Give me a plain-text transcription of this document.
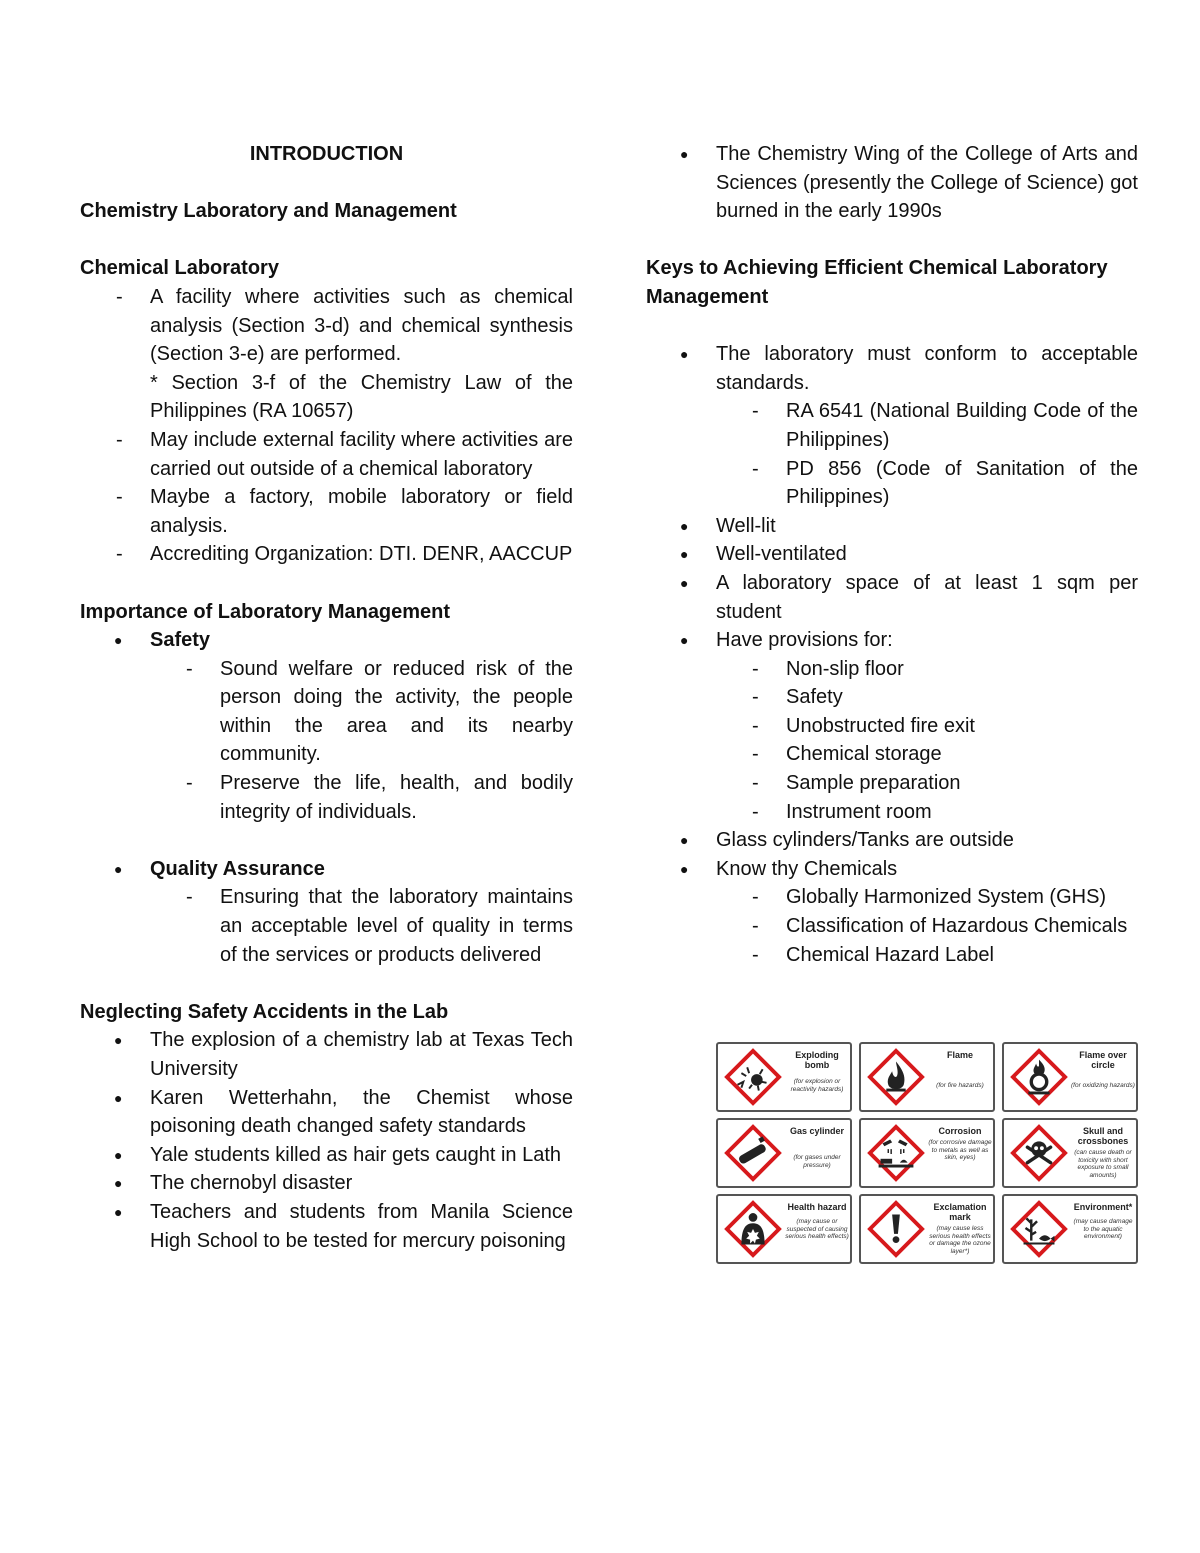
INTRODUCTION

Chemistry Laboratory and Management

Chemical Laboratory

- A facility where activities such as chemical analysis (Section 3-d) and chemical synthesis (Section 3-e) are performed.
* Section 3-f of the Chemistry Law of the Philippines (RA 10657)
- May include external facility where activities are carried out outside of a chemical laboratory
- Maybe a factory, mobile laboratory or field analysis.
- Accrediting Organization: DTI. DENR, AACCUP

Importance of Laboratory Management

● Safety
- Sound welfare or reduced risk of the person doing the activity, the people within the area and its nearby community.
- Preserve the life, health, and bodily integrity of individuals.
● Quality Assurance
- Ensuring that the laboratory maintains an acceptable level of quality in terms of the services or products delivered

Neglecting Safety Accidents in the Lab

● The explosion of a chemistry lab at Texas Tech University
● Karen Wetterhahn, the Chemist whose poisoning death changed safety standards
● Yale students killed as hair gets caught in Lath
● The chernobyl disaster
● Teachers and students from Manila Science High School to be tested for mercury poisoning
● The Chemistry Wing of the College of Arts and Sciences (presently the College of Science) got burned in the early 1990s

Keys to Achieving Efficient Chemical Laboratory Management

● The laboratory must conform to acceptable standards.
- RA 6541 (National Building Code of the Philippines)
- PD 856 (Code of Sanitation of the Philippines)
● Well-lit
● Well-ventilated
● A laboratory space of at least 1 sqm per student
● Have provisions for:
- Non-slip floor
- Safety
- Unobstructed fire exit
- Chemical storage
- Sample preparation
- Instrument room
● Glass cylinders/Tanks are outside
● Know thy Chemicals
- Globally Harmonized System (GHS)
- Classification of Hazardous Chemicals
- Chemical Hazard Label
Exploding bomb
(for explosion or reactivity hazards)
Flame
(for fire hazards)
Flame over circle
(for oxidizing hazards)
Gas cylinder
(for gases under pressure)
Corrosion
(for corrosive damage to metals as well as skin, eyes)
Skull and crossbones
(can cause death or toxicity with short exposure to small amounts)
Health hazard
(may cause or suspected of causing serious health effects)
Exclamation mark
(may cause less serious health effects or damage the ozone layer*)
Environment*
(may cause damage to the aquatic environment)
